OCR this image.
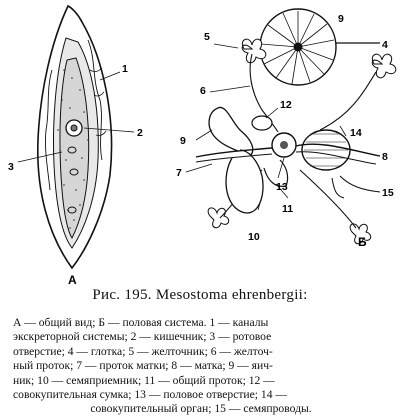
1
2
3
А
5
6
8
4
12
9
14
7
13
11
10
15
9
Б
Рис. 195. Mesostoma ehrenbergii:
А — общий вид; Б — половая система. 1 — каналы
экскреторной системы; 2 — кишечник; 3 — ротовое
отверстие; 4 — глотка; 5 — желточник; 6 — желточ-
ный проток; 7 — проток матки; 8 — матка; 9 — яич-
ник; 10 — семяприемник; 11 — общий проток; 12 —
совокупительная сумка; 13 — половое отверстие; 14 —
совокупительный орган; 15 — семяпроводы.
